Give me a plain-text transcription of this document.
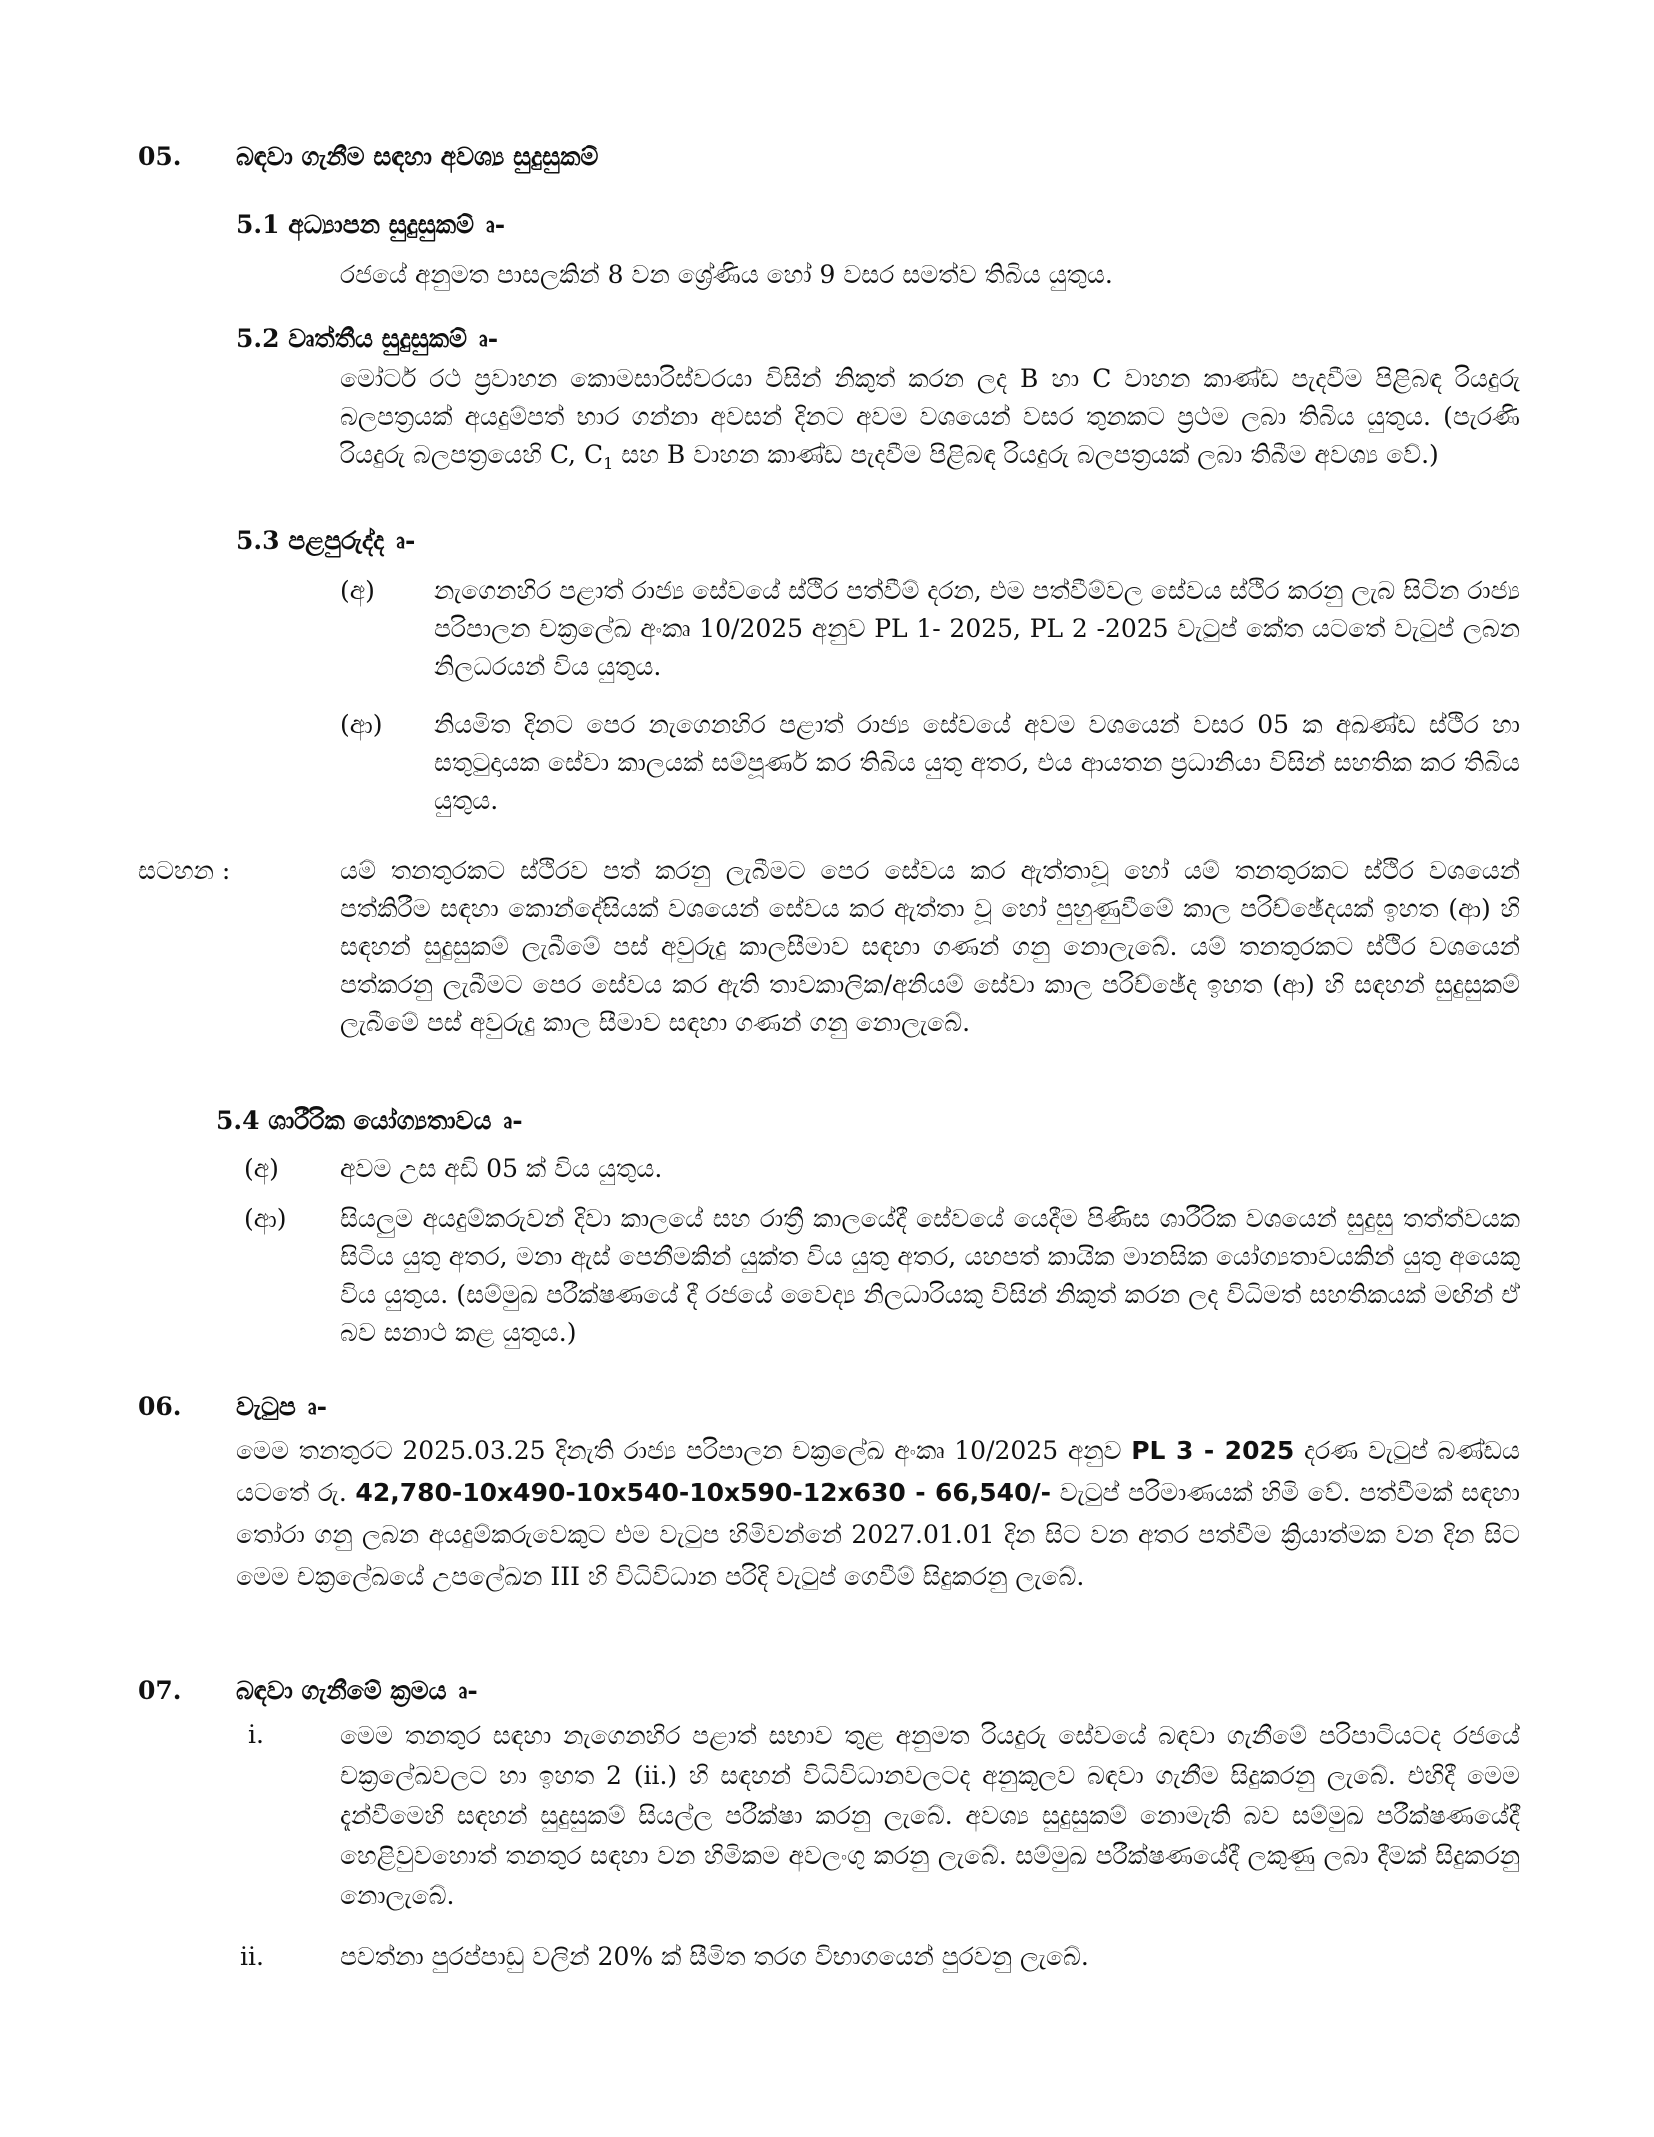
05. බඳවා ගැනීම සඳහා අවශ්‍ය සුදුසුකම්
5.1 අධ්‍යාපන සුදුසුකම් ෘ-
රජයේ අනුමත පාසලකින් 8 වන ශ්‍රේණිය හෝ 9 වසර සමත්ව තිබිය යුතුය.
5.2 වෘත්තීය සුදුසුකම් ෘ-
මෝටර් රථ ප්‍රවාහන කොමසාරිස්වරයා විසින් නිකුත් කරන ලද B හා C වාහන කාණ්ඩ පැදවීම පිළිබඳ රියදුරු බලපත්‍රයක් අයදුම්පත් භාර ගන්නා අවසන් දිනට අවම වශයෙන් වසර තුනකට ප්‍රථම ලබා තිබිය යුතුය. (පැරණි රියදුරු බලපත්‍රයෙහි C, $C_1$ සහ B වාහන කාණ්ඩ පැදවීම පිළිබඳ රියදුරු බලපත්‍රයක් ලබා තිබීම අවශ්‍ය වේ.)
5.3 පළපුරුද්ද ෘ-
(අ) නැගෙනහිර පළාත් රාජ්‍ය සේවයේ ස්ථිර පත්වීම් දරන, එම පත්වීම්වල සේවය ස්ථිර කරනු ලැබ සිටින රාජ්‍ය පරිපාලන චක්‍රලේඛ අංකෘ 10/2025 අනුව PL 1- 2025, PL 2 -2025 වැටුප් කේත යටතේ වැටුප් ලබන නිලධරයන් විය යුතුය.
(ආ) නියමිත දිනට පෙර නැගෙනහිර පළාත් රාජ්‍ය සේවයේ අවම වශයෙන් වසර 05 ක අඛණ්ඩ ස්ථිර හා සතුටුදායක සේවා කාලයක් සම්පූර්ණ කර තිබිය යුතු අතර, එය ආයතන ප්‍රධානියා විසින් සහතික කර තිබිය යුතුය.
සටහන :	යම් තනතුරකට ස්ථිරව පත් කරනු ලැබීමට පෙර සේවය කර ඇත්තාවූ හෝ යම් තනතුරකට ස්ථිර වශයෙන් පත්කිරීම සඳහා කොන්දේසියක් වශයෙන් සේවය කර ඇත්තා වූ හෝ පුහුණුවීමේ කාල පරිච්ඡේදයක් ඉහත (ආ) හි සඳහන් සුදුසුකම් ලැබීමේ පස් අවුරුදු කාලසීමාව සඳහා ගණන් ගනු නොලැබේ. යම් තනතුරකට ස්ථිර වශයෙන් පත්කරනු ලැබීමට පෙර සේවය කර ඇති තාවකාලික/අනියම් සේවා කාල පරිච්ඡේද ඉහත (ආ) හි සඳහන් සුදුසුකම් ලැබීමේ පස් අවුරුදු කාල සීමාව සඳහා ගණන් ගනු නොලැබේ.
5.4 ශාරීරික යෝග්‍යතාවය ෘ-
(අ) අවම උස අඩි 05 ක් විය යුතුය.
(ආ) සියලුම අයදුම්කරුවන් දිවා කාලයේ සහ රාත්‍රී කාලයේදී සේවයේ යෙදීම පිණිස ශාරීරික වශයෙන් සුදුසු තත්ත්වයක සිටිය යුතු අතර, මනා ඇස් පෙනීමකින් යුක්ත විය යුතු අතර, යහපත් කායික මානසික යෝග්‍යතාවයකින් යුතු අයෙකු විය යුතුය. (සම්මුඛ පරීක්ෂණයේ දී රජයේ වෛද්‍ය නිලධාරියකු විසින් නිකුත් කරන ලද විධිමත් සහතිකයක් මඟින් ඒ බව සනාථ කළ යුතුය.)
06. වැටුප ෘ-
මෙම තනතුරට 2025.03.25 දිනැති රාජ්‍ය පරිපාලන චක්‍රලේඛ අංකෘ 10/2025 අනුව PL 3 - 2025 දරණ වැටුප් බණ්ඩය යටතේ රු. 42,780-10x490-10x540-10x590-12x630 - 66,540/- වැටුප් පරිමාණයක් හිමි වේ. පත්වීමක් සඳහා තෝරා ගනු ලබන අයදුම්කරුවෙකුට එම වැටුප හිමිවන්නේ 2027.01.01 දින සිට වන අතර පත්වීම ක්‍රියාත්මක වන දින සිට මෙම චක්‍රලේඛයේ උපලේඛන III හි විධිවිධාන පරිදි වැටුප් ගෙවීම් සිදුකරනු ලැබේ.
07. බඳවා ගැනීමේ ක්‍රමය ෘ-
i.	මෙම තනතුර සඳහා නැගෙනහිර පළාත් සභාව තුළ අනුමත රියදුරු සේවයේ බඳවා ගැනීමේ පරිපාටියටද රජයේ චක්‍රලේඛවලට හා ඉහත 2 (ii.) හි සඳහන් විධිවිධානවලටද අනුකූලව බඳවා ගැනීම සිදුකරනු ලැබේ. එහිදී මෙම දැන්වීමෙහි සඳහන් සුදුසුකම් සියල්ල පරීක්ෂා කරනු ලැබේ. අවශ්‍ය සුදුසුකම් නොමැති බව සම්මුඛ පරීක්ෂණයේදී හෙළිවුවහොත් තනතුර සඳහා වන හිමිකම අවලංගු කරනු ලැබේ. සම්මුඛ පරීක්ෂණයේදී ලකුණු ලබා දීමක් සිදුකරනු නොලැබේ.
ii.	පවත්නා පුරප්පාඩු වලින් 20% ක් සීමිත තරග විභාගයෙන් පුරවනු ලැබේ.
